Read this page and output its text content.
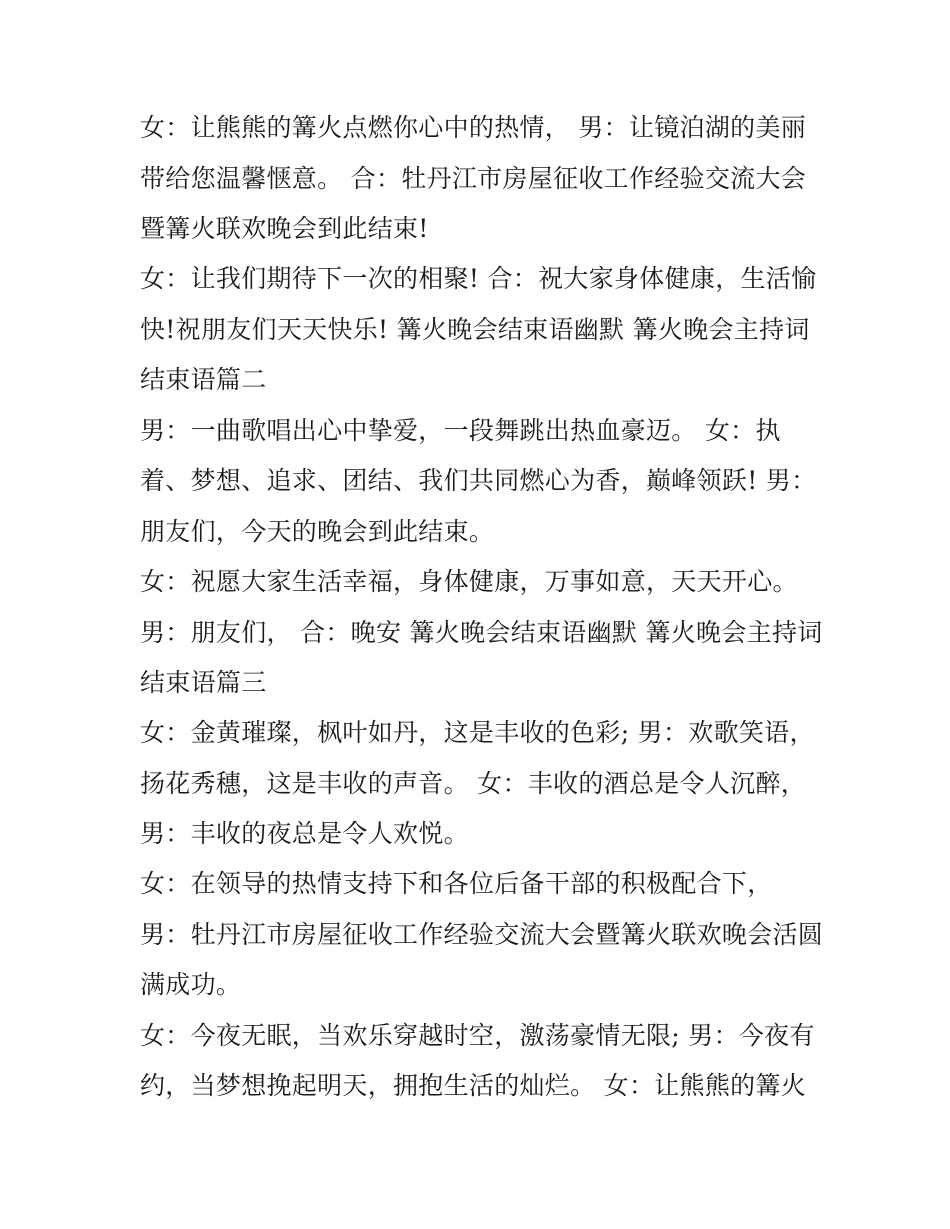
女：让熊熊的篝火点燃你心中的热情， 男：让镜泊湖的美丽
带给您温馨惬意。 合：牡丹江市房屋征收工作经验交流大会
暨篝火联欢晚会到此结束!
女：让我们期待下一次的相聚! 合：祝大家身体健康，生活愉
快!祝朋友们天天快乐! 篝火晚会结束语幽默 篝火晚会主持词
结束语篇二
男：一曲歌唱出心中挚爱，一段舞跳出热血豪迈。 女：执
着、梦想、追求、团结、我们共同燃心为香，巅峰领跃! 男：
朋友们，今天的晚会到此结束。
女：祝愿大家生活幸福，身体健康，万事如意，天天开心。
男：朋友们， 合：晚安 篝火晚会结束语幽默 篝火晚会主持词
结束语篇三
女：金黄璀璨，枫叶如丹，这是丰收的色彩; 男：欢歌笑语，
扬花秀穗，这是丰收的声音。 女：丰收的酒总是令人沉醉，
男：丰收的夜总是令人欢悦。
女：在领导的热情支持下和各位后备干部的积极配合下，
男：牡丹江市房屋征收工作经验交流大会暨篝火联欢晚会活圆
满成功。
女：今夜无眠，当欢乐穿越时空，激荡豪情无限; 男：今夜有
约，当梦想挽起明天，拥抱生活的灿烂。 女：让熊熊的篝火
